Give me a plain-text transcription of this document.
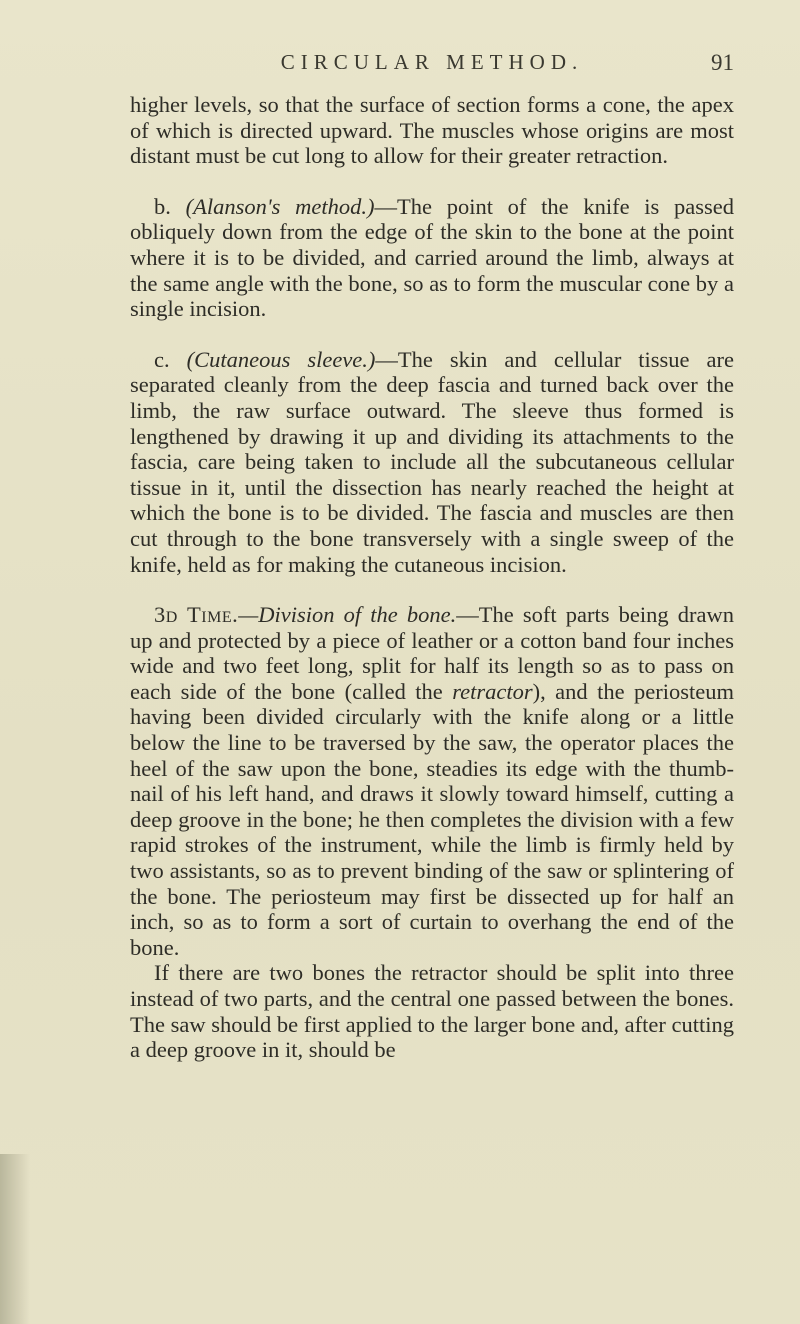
CIRCULAR METHOD.	91

higher levels, so that the surface of section forms a cone, the apex of which is directed upward. The muscles whose origins are most distant must be cut long to allow for their greater retraction.

b. (Alanson's method.)—The point of the knife is passed obliquely down from the edge of the skin to the bone at the point where it is to be divided, and carried around the limb, always at the same angle with the bone, so as to form the muscular cone by a single incision.

c. (Cutaneous sleeve.)—The skin and cellular tissue are separated cleanly from the deep fascia and turned back over the limb, the raw surface outward. The sleeve thus formed is lengthened by drawing it up and dividing its attachments to the fascia, care being taken to include all the subcutaneous cellular tissue in it, until the dissection has nearly reached the height at which the bone is to be divided. The fascia and muscles are then cut through to the bone transversely with a single sweep of the knife, held as for making the cutaneous incision.

3d Time.—Division of the bone.—The soft parts being drawn up and protected by a piece of leather or a cotton band four inches wide and two feet long, split for half its length so as to pass on each side of the bone (called the retractor), and the periosteum having been divided circularly with the knife along or a little below the line to be traversed by the saw, the operator places the heel of the saw upon the bone, steadies its edge with the thumb-nail of his left hand, and draws it slowly toward himself, cutting a deep groove in the bone; he then completes the division with a few rapid strokes of the instrument, while the limb is firmly held by two assistants, so as to prevent binding of the saw or splintering of the bone. The periosteum may first be dissected up for half an inch, so as to form a sort of curtain to overhang the end of the bone.

If there are two bones the retractor should be split into three instead of two parts, and the central one passed between the bones. The saw should be first applied to the larger bone and, after cutting a deep groove in it, should be
